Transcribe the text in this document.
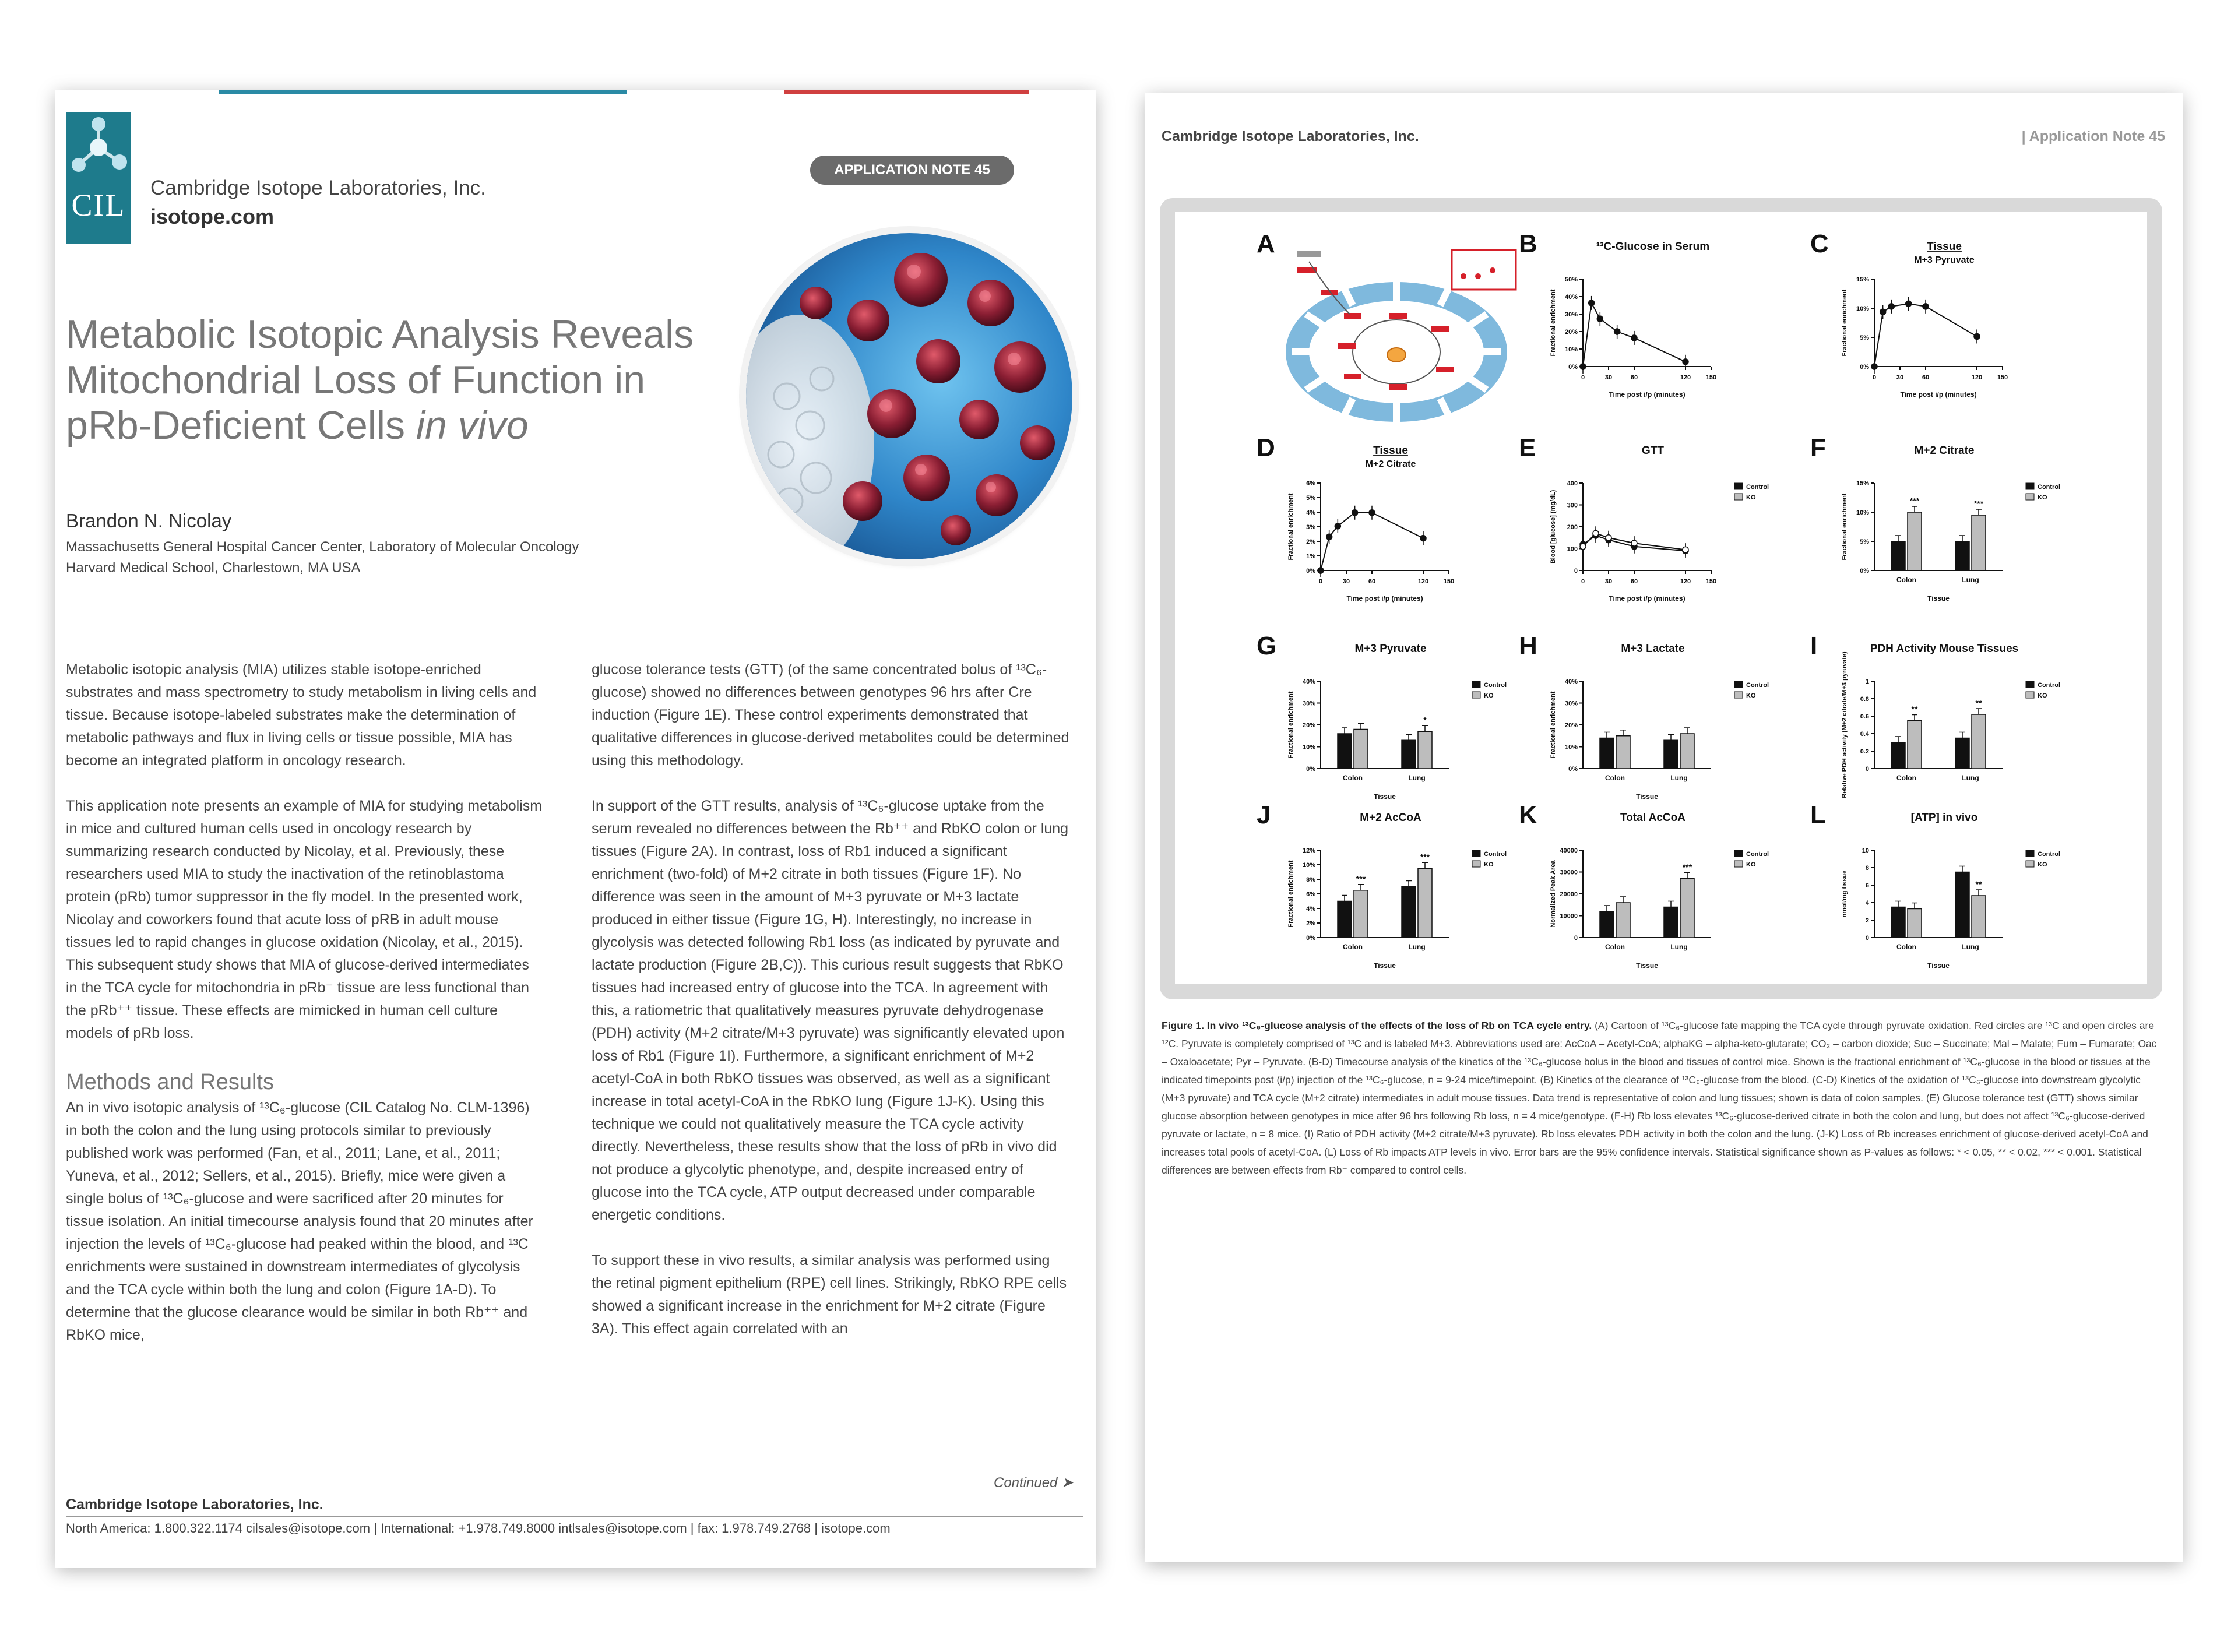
CIL Cambridge Isotope Laboratories, Inc.
isotope.com
APPLICATION NOTE 45
Metabolic Isotopic Analysis Reveals
Mitochondrial Loss of Function in
pRb-Deficient Cells in vivo
Brandon N. Nicolay
Massachusetts General Hospital Cancer Center, Laboratory of Molecular Oncology
Harvard Medical School, Charlestown, MA USA

Metabolic isotopic analysis (MIA) utilizes stable isotope-enriched substrates and mass spectrometry to study metabolism in living cells and tissue. Because isotope-labeled substrates make the determination of metabolic pathways and flux in living cells or tissue possible, MIA has become an integrated platform in oncology research.

This application note presents an example of MIA for studying metabolism in mice and cultured human cells used in oncology research by summarizing research conducted by Nicolay, et al. Previously, these researchers used MIA to study the inactivation of the retinoblastoma protein (pRb) tumor suppressor in the fly model. In the presented work, Nicolay and coworkers found that acute loss of pRB in adult mouse tissues led to rapid changes in glucose oxidation (Nicolay, et al., 2015). This subsequent study shows that MIA of glucose-derived intermediates in the TCA cycle for mitochondria in pRb⁻ tissue are less functional than the pRb⁺⁺ tissue. These effects are mimicked in human cell culture models of pRb loss.

Methods and Results

An in vivo isotopic analysis of ¹³C₆-glucose (CIL Catalog No. CLM-1396) in both the colon and the lung using protocols similar to previously published work was performed (Fan, et al., 2011; Lane, et al., 2011; Yuneva, et al., 2012; Sellers, et al., 2015). Briefly, mice were given a single bolus of ¹³C₆-glucose and were sacrificed after 20 minutes for tissue isolation. An initial timecourse analysis found that 20 minutes after injection the levels of ¹³C₆-glucose had peaked within the blood, and ¹³C enrichments were sustained in downstream intermediates of glycolysis and the TCA cycle within both the lung and colon (Figure 1A-D). To determine that the glucose clearance would be similar in both Rb⁺⁺ and RbKO mice,

glucose tolerance tests (GTT) (of the same concentrated bolus of ¹³C₆-glucose) showed no differences between genotypes 96 hrs after Cre induction (Figure 1E). These control experiments demonstrated that qualitative differences in glucose-derived metabolites could be determined using this methodology.

In support of the GTT results, analysis of ¹³C₆-glucose uptake from the serum revealed no differences between the Rb⁺⁺ and RbKO colon or lung tissues (Figure 2A). In contrast, loss of Rb1 induced a significant enrichment (two-fold) of M+2 citrate in both tissues (Figure 1F). No difference was seen in the amount of M+3 pyruvate or M+3 lactate produced in either tissue (Figure 1G, H). Interestingly, no increase in glycolysis was detected following Rb1 loss (as indicated by pyruvate and lactate production (Figure 2B,C)). This curious result suggests that RbKO tissues had increased entry of glucose into the TCA. In agreement with this, a ratiometric that qualitatively measures pyruvate dehydrogenase (PDH) activity (M+2 citrate/M+3 pyruvate) was significantly elevated upon loss of Rb1 (Figure 1I). Furthermore, a significant enrichment of M+2 acetyl-CoA in both RbKO tissues was observed, as well as a significant increase in total acetyl-CoA in the RbKO lung (Figure 1J-K). Using this technique we could not qualitatively measure the TCA cycle activity directly. Nevertheless, these results show that the loss of pRb in vivo did not produce a glycolytic phenotype, and, despite increased entry of glucose into the TCA cycle, ATP output decreased under comparable energetic conditions.

To support these in vivo results, a similar analysis was performed using the retinal pigment epithelium (RPE) cell lines. Strikingly, RbKO RPE cells showed a significant increase in the enrichment for M+2 citrate (Figure 3A). This effect again correlated with an

Continued ➤
Cambridge Isotope Laboratories, Inc.
North America: 1.800.322.1174 cilsales@isotope.com | International: +1.978.749.8000 intlsales@isotope.com | fax: 1.978.749.2768 | isotope.com
Cambridge Isotope Laboratories, Inc.	| Application Note 45
A	B	¹³C-Glucose in Serum
0%
10%
20%
30%
40%
50%
Fractional enrichment
Time post i/p (minutes)
0	30	60	120 150
C	Tissue
M+3 Pyruvate
0%
5%
10%
15%
Fractional enrichment
Time post i/p (minutes)
0	30	60	120 150
D	Tissue
M+2 Citrate
0%
1%
2%
3%
4%
5%
6%
Fractional enrichment
Time post i/p (minutes)
0	30	60	120 150
E	GTT
0
100
200
300
400
Blood [glucose] (mg/dL)
Time post i/p (minutes)
0	30	60	120 150
Control
KO
F	M+2 Citrate
0%
5%
10%
15%
Fractional enrichment
Tissue
***
Colon
***
Lung
Control
KO
G	M+3 Pyruvate
0%
10%
20%
30%
40%
Fractional enrichment
Tissue
Colon
*
Lung
Control
KO
H	M+3 Lactate
0%
10%
20%
30%
40%
Fractional enrichment
Tissue
Colon	Lung
Control
KO
I	PDH Activity Mouse Tissues
0
0.2
0.4
0.6
0.8
1
Relative PDH activity (M+2 citrate/M+3 pyruvate)	**
Colon
**
Lung
Control
KO
J	M+2 AcCoA
0%
2%
4%
6%
8%
10%
12%
Fractional enrichment
Tissue
***
Colon
***
Lung
Control
KO
K	Total AcCoA
0
10000
20000
30000
40000
Normalized Peak Area
Tissue
Colon
***
Lung
Control
KO
L	[ATP] in vivo
0
2
4
6
8
10
nmol/mg tissue
Tissue
Colon
**
Lung
Control
KO
Figure 1. In vivo ¹³C₆-glucose analysis of the effects of the loss of Rb on TCA cycle entry. (A) Cartoon of ¹³C₆-glucose fate mapping the TCA cycle through pyruvate oxidation. Red circles are ¹³C and open circles are ¹²C. Pyruvate is completely comprised of ¹³C and is labeled M+3. Abbreviations used are: AcCoA – Acetyl-CoA; alphaKG – alpha-keto-glutarate; CO₂ – carbon dioxide; Suc – Succinate; Mal – Malate; Fum – Fumarate; Oac – Oxaloacetate; Pyr – Pyruvate. (B-D) Timecourse analysis of the kinetics of the ¹³C₆-glucose bolus in the blood and tissues of control mice. Shown is the fractional enrichment of ¹³C₆-glucose in the blood or tissues at the indicated timepoints post (i/p) injection of the ¹³C₆-glucose, n = 9-24 mice/timepoint. (B) Kinetics of the clearance of ¹³C₆-glucose from the blood. (C-D) Kinetics of the oxidation of ¹³C₆-glucose into downstream glycolytic (M+3 pyruvate) and TCA cycle (M+2 citrate) intermediates in adult mouse tissues. Data trend is representative of colon and lung tissues; shown is data of colon samples. (E) Glucose tolerance test (GTT) shows similar glucose absorption between genotypes in mice after 96 hrs following Rb loss, n = 4 mice/genotype. (F-H) Rb loss elevates ¹³C₆-glucose-derived citrate in both the colon and lung, but does not affect ¹³C₆-glucose-derived pyruvate or lactate, n = 8 mice. (I) Ratio of PDH activity (M+2 citrate/M+3 pyruvate). Rb loss elevates PDH activity in both the colon and the lung. (J-K) Loss of Rb increases enrichment of glucose-derived acetyl-CoA and increases total pools of acetyl-CoA. (L) Loss of Rb impacts ATP levels in vivo. Error bars are the 95% confidence intervals. Statistical significance shown as P-values as follows: * < 0.05, ** < 0.02, *** < 0.001. Statistical differences are between effects from Rb⁻ compared to control cells.
